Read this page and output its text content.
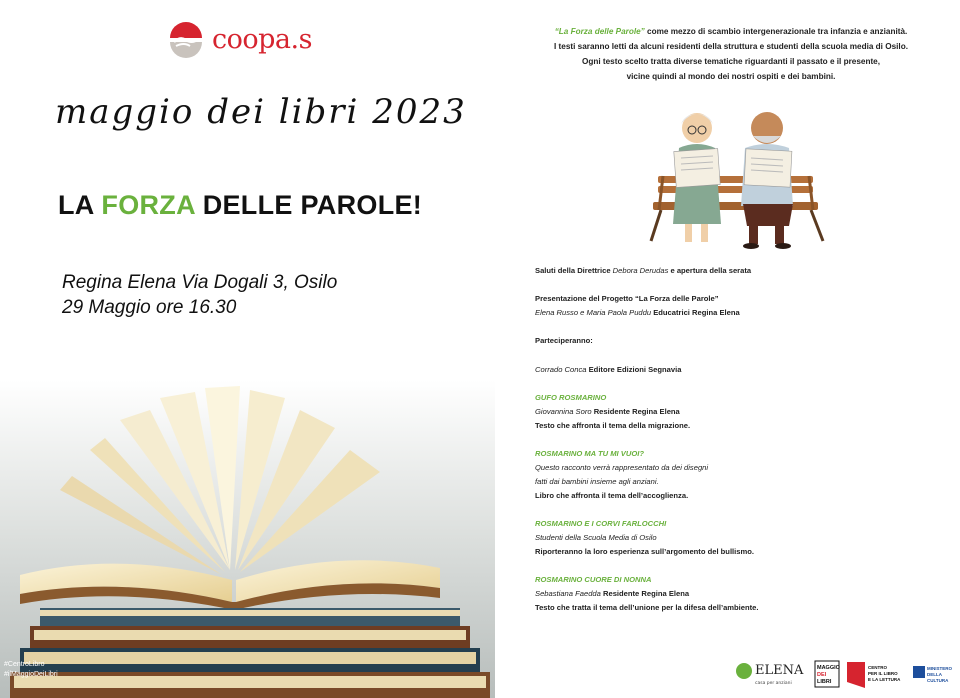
coopa.s
maggio dei libri 2023
LA FORZA DELLE PAROLE!
Regina Elena Via Dogali 3, Osilo
29 Maggio ore 16.30
#CentroLibro
#ilMaggioDeiLibri
“La Forza delle Parole” come mezzo di scambio intergenerazionale tra infanzia e anzianità.
I testi saranno letti da alcuni residenti della struttura e studenti della scuola media di Osilo.
Ogni testo scelto tratta diverse tematiche riguardanti il passato e il presente,
vicine quindi al mondo dei nostri ospiti e dei bambini.

Saluti della Direttrice Debora Derudas e apertura della serata

Presentazione del Progetto “La Forza delle Parole”

Elena Russo e Maria Paola Puddu Educatrici Regina Elena

Parteciperanno:

Corrado Conca Editore Edizioni Segnavia

GUFO ROSMARINO

Giovannina Soro Residente Regina Elena

Testo che affronta il tema della migrazione.

ROSMARINO MA TU MI VUOI?

Questo racconto verrà rappresentato da dei disegni

fatti dai bambini insieme agli anziani.

Libro che affronta il tema dell’accoglienza.

ROSMARINO E I CORVI FARLOCCHI

Studenti della Scuola Media di Osilo

Riporteranno la loro esperienza sull’argomento del bullismo.

ROSMARINO CUORE DI NONNA

Sebastiana Faedda Residente Regina Elena

Testo che tratta il tema dell’unione per la difesa dell’ambiente.

ELENA
casa per anziani
MAGGIO
DEI
LIBRI
CENTRO
PER IL LIBRO
E LA LETTURA
MINISTERO
DELLA
CULTURA
